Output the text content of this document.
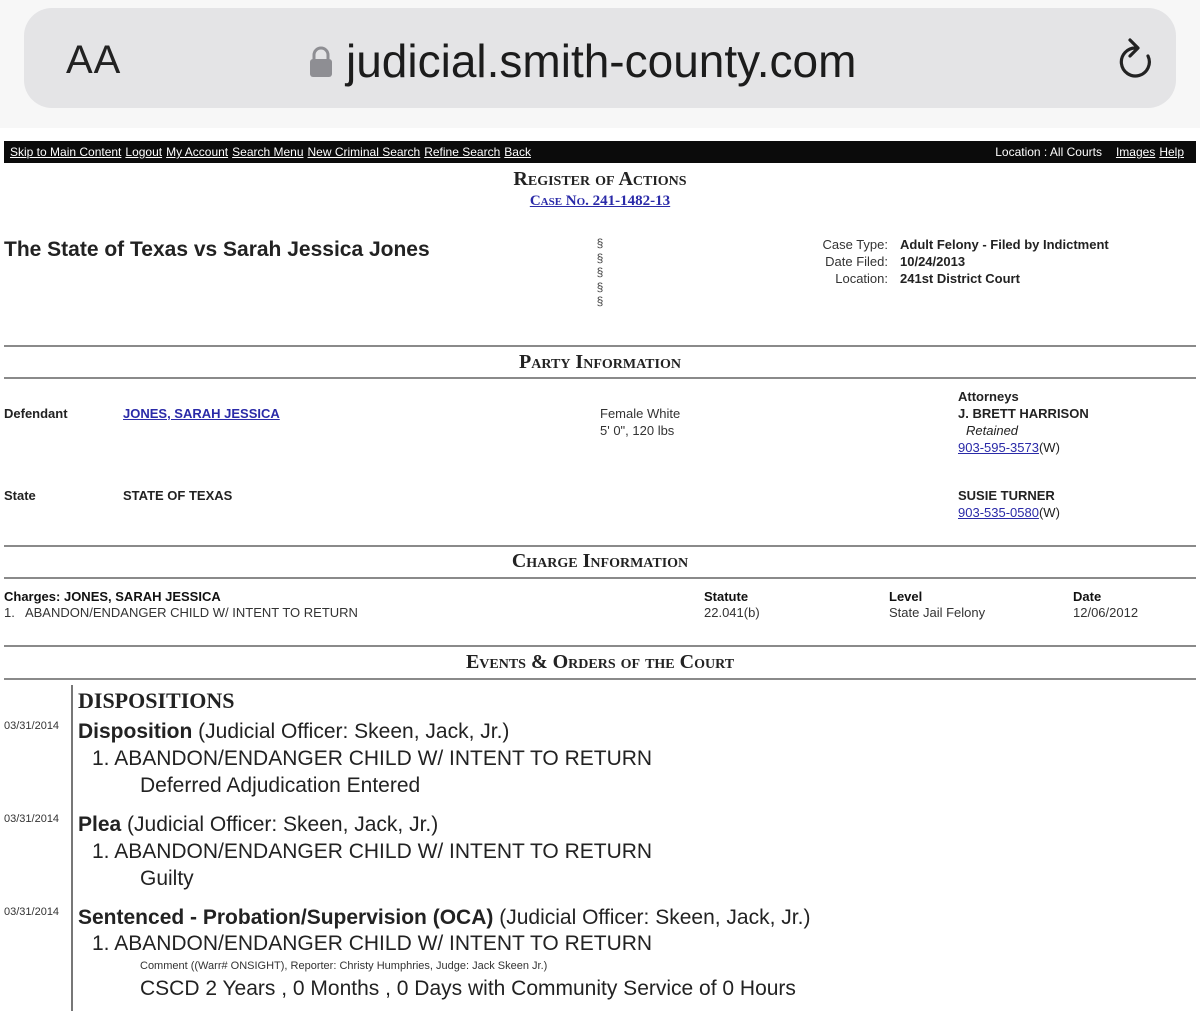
AA	judicial.smith-county.com
Skip to Main Content Logout My Account Search Menu New Criminal Search Refine Search Back	Location : All Courts Images Help
Register of Actions
Case No. 241-1482-13
The State of Texas vs Sarah Jessica Jones	§
§
§
§
§
Case Type: Adult Felony - Filed by Indictment
Date Filed: 10/24/2013
Location: 241st District Court
Party Information
Defendant	JONES, SARAH JESSICA	Female White
5' 0", 120 lbs
Attorneys
J. BRETT HARRISON
Retained
903-595-3573(W)
State	STATE OF TEXAS	SUSIE TURNER
903-535-0580(W)
Charge Information
Charges: JONES, SARAH JESSICA	Statute	Level	Date
1.   ABANDON/ENDANGER CHILD W/ INTENT TO RETURN	22.041(b)	State Jail Felony	12/06/2012
Events & Orders of the Court
DISPOSITIONS
03/31/2014 Disposition (Judicial Officer: Skeen, Jack, Jr.)
1. ABANDON/ENDANGER CHILD W/ INTENT TO RETURN
Deferred Adjudication Entered
03/31/2014 Plea (Judicial Officer: Skeen, Jack, Jr.)
1. ABANDON/ENDANGER CHILD W/ INTENT TO RETURN
Guilty
03/31/2014 Sentenced - Probation/Supervision (OCA) (Judicial Officer: Skeen, Jack, Jr.)
1. ABANDON/ENDANGER CHILD W/ INTENT TO RETURN
Comment ((Warr# ONSIGHT), Reporter: Christy Humphries, Judge: Jack Skeen Jr.)
CSCD 2 Years , 0 Months , 0 Days with Community Service of 0 Hours
